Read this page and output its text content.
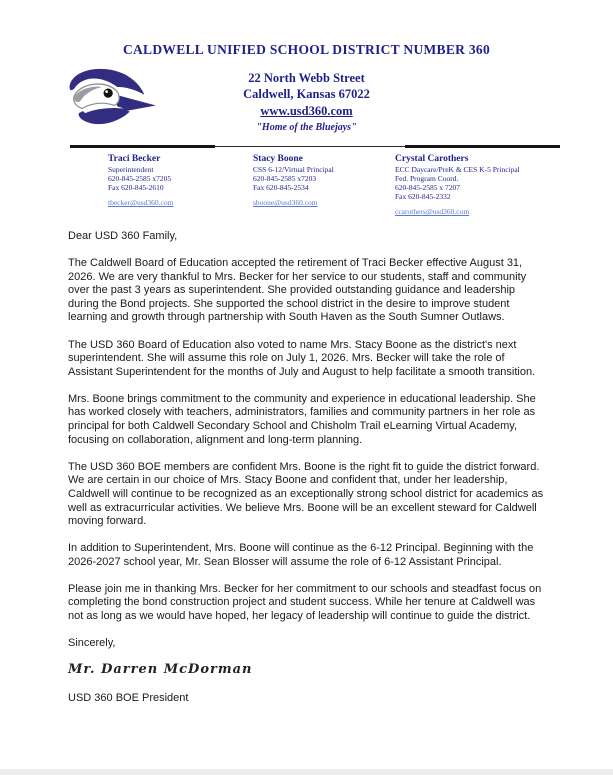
CALDWELL UNIFIED SCHOOL DISTRICT NUMBER 360
22 North Webb Street
Caldwell, Kansas 67022
www.usd360.com
"Home of the Bluejays"
Traci Becker
Superintendent
620-845-2585 x7205
Fax 620-845-2610
tbecker@usd360.com
Stacy Boone
CSS 6-12/Virtual Principal
620-845-2585 x7203
Fax 620-845-2534
sboone@usd360.com
Crystal Carothers
ECC Daycare/PreK & CES K-5 Principal
Fed. Program Coord.
620-845-2585 x 7207
Fax 620-845-2332
ccarothers@usd360.com
Dear USD 360 Family,

The Caldwell Board of Education accepted the retirement of Traci Becker effective August 31, 2026. We are very thankful to Mrs. Becker for her service to our students, staff and community over the past 3 years as superintendent. She provided outstanding guidance and leadership during the Bond projects. She supported the school district in the desire to improve student learning and growth through partnership with South Haven as the South Sumner Outlaws.

The USD 360 Board of Education also voted to name Mrs. Stacy Boone as the district's next superintendent. She will assume this role on July 1, 2026. Mrs. Becker will take the role of Assistant Superintendent for the months of July and August to help facilitate a smooth transition.

Mrs. Boone brings commitment to the community and experience in educational leadership. She has worked closely with teachers, administrators, families and community partners in her role as principal for both Caldwell Secondary School and Chisholm Trail eLearning Virtual Academy, focusing on collaboration, alignment and long-term planning.

The USD 360 BOE members are confident Mrs. Boone is the right fit to guide the district forward. We are certain in our choice of Mrs. Stacy Boone and confident that, under her leadership, Caldwell will continue to be recognized as an exceptionally strong school district for academics as well as extracurricular activities. We believe Mrs. Boone will be an excellent steward for Caldwell moving forward.

In addition to Superintendent, Mrs. Boone will continue as the 6-12 Principal. Beginning with the 2026-2027 school year, Mr. Sean Blosser will assume the role of 6-12 Assistant Principal.

Please join me in thanking Mrs. Becker for her commitment to our schools and steadfast focus on completing the bond construction project and student success. While her tenure at Caldwell was not as long as we would have hoped, her legacy of leadership will continue to guide the district.

Sincerely,
Mr. Darren McDorman
USD 360 BOE President
